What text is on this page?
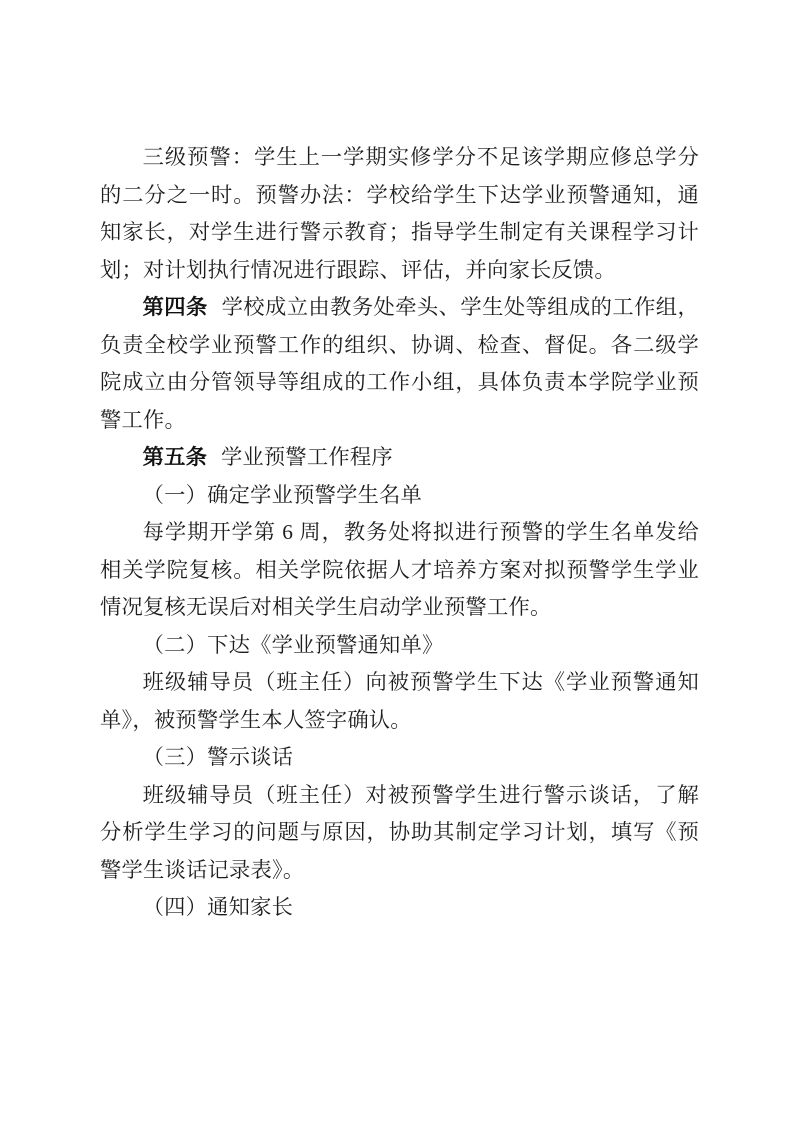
三级预警：学生上一学期实修学分不足该学期应修总学分的二分之一时。预警办法：学校给学生下达学业预警通知，通知家长，对学生进行警示教育；指导学生制定有关课程学习计划；对计划执行情况进行跟踪、评估，并向家长反馈。

第四条 学校成立由教务处牵头、学生处等组成的工作组，负责全校学业预警工作的组织、协调、检查、督促。各二级学院成立由分管领导等组成的工作小组，具体负责本学院学业预警工作。

第五条 学业预警工作程序

（一）确定学业预警学生名单

每学期开学第 6 周，教务处将拟进行预警的学生名单发给相关学院复核。相关学院依据人才培养方案对拟预警学生学业情况复核无误后对相关学生启动学业预警工作。

（二）下达《学业预警通知单》

班级辅导员（班主任）向被预警学生下达《学业预警通知单》，被预警学生本人签字确认。

（三）警示谈话

班级辅导员（班主任）对被预警学生进行警示谈话，了解分析学生学习的问题与原因，协助其制定学习计划，填写《预警学生谈话记录表》。

（四）通知家长
